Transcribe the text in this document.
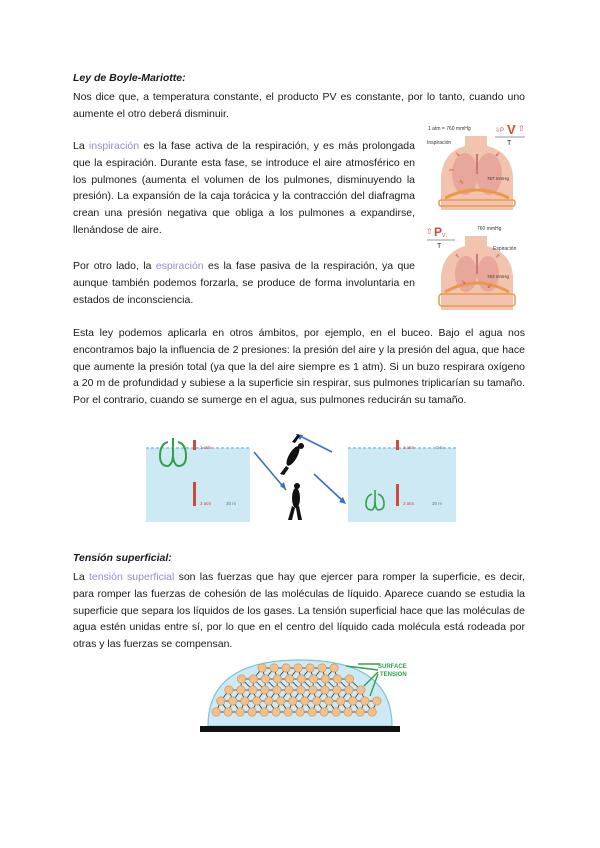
Ley de Boyle-Mariotte:

Nos dice que, a temperatura constante, el producto PV es constante, por lo tanto, cuando uno aumente el otro deberá disminuir.

La inspiración es la fase activa de la respiración, y es más prolongada que la espiración. Durante esta fase, se introduce el aire atmosférico en los pulmones (aumenta el volumen de los pulmones, disminuyendo la presión). La expansión de la caja torácica y la contracción del diafragma crean una presión negativa que obliga a los pulmones a expandirse, llenándose de aire.

Por otro lado, la espiración es la fase pasiva de la respiración, ya que aunque también podemos forzarla, se produce de forma involuntaria en estados de inconsciencia.

Esta ley podemos aplicarla en otros ámbitos, por ejemplo, en el buceo. Bajo el agua nos encontramos bajo la influencia de 2 presiones: la presión del aire y la presión del agua, que hace que aumente la presión total (ya que la del aire siempre es 1 atm). Si un buzo respirara oxígeno a 20 m de profundidad y subiese a la superficie sin respirar, sus pulmones triplicarían su tamaño. Por el contrario, cuando se sumerge en el agua, sus pulmones reducirán su tamaño.

1 atm = 760 mmHg
Inspiración
⇩P V ⇧
T
757 mmHg
⇘	⇙
⇖
⇦
⇧ P V↓
T
760 mmHg
Espiración
763 mmHg
⇖	⇗
⇘
⇙
1 atm
3 atm	30 m
1 atm	0 m
3 atm	30 m

Tensión superficial:

La tensión superficial son las fuerzas que hay que ejercer para romper la superficie, es decir, para romper las fuerzas de cohesión de las moléculas de líquido. Aparece cuando se estudia la superficie que separa los líquidos de los gases. La tensión superficial hace que las moléculas de agua estén unidas entre sí, por lo que en el centro del líquido cada molécula está rodeada por otras y las fuerzas se compensan.

SURFACE
TENSION
